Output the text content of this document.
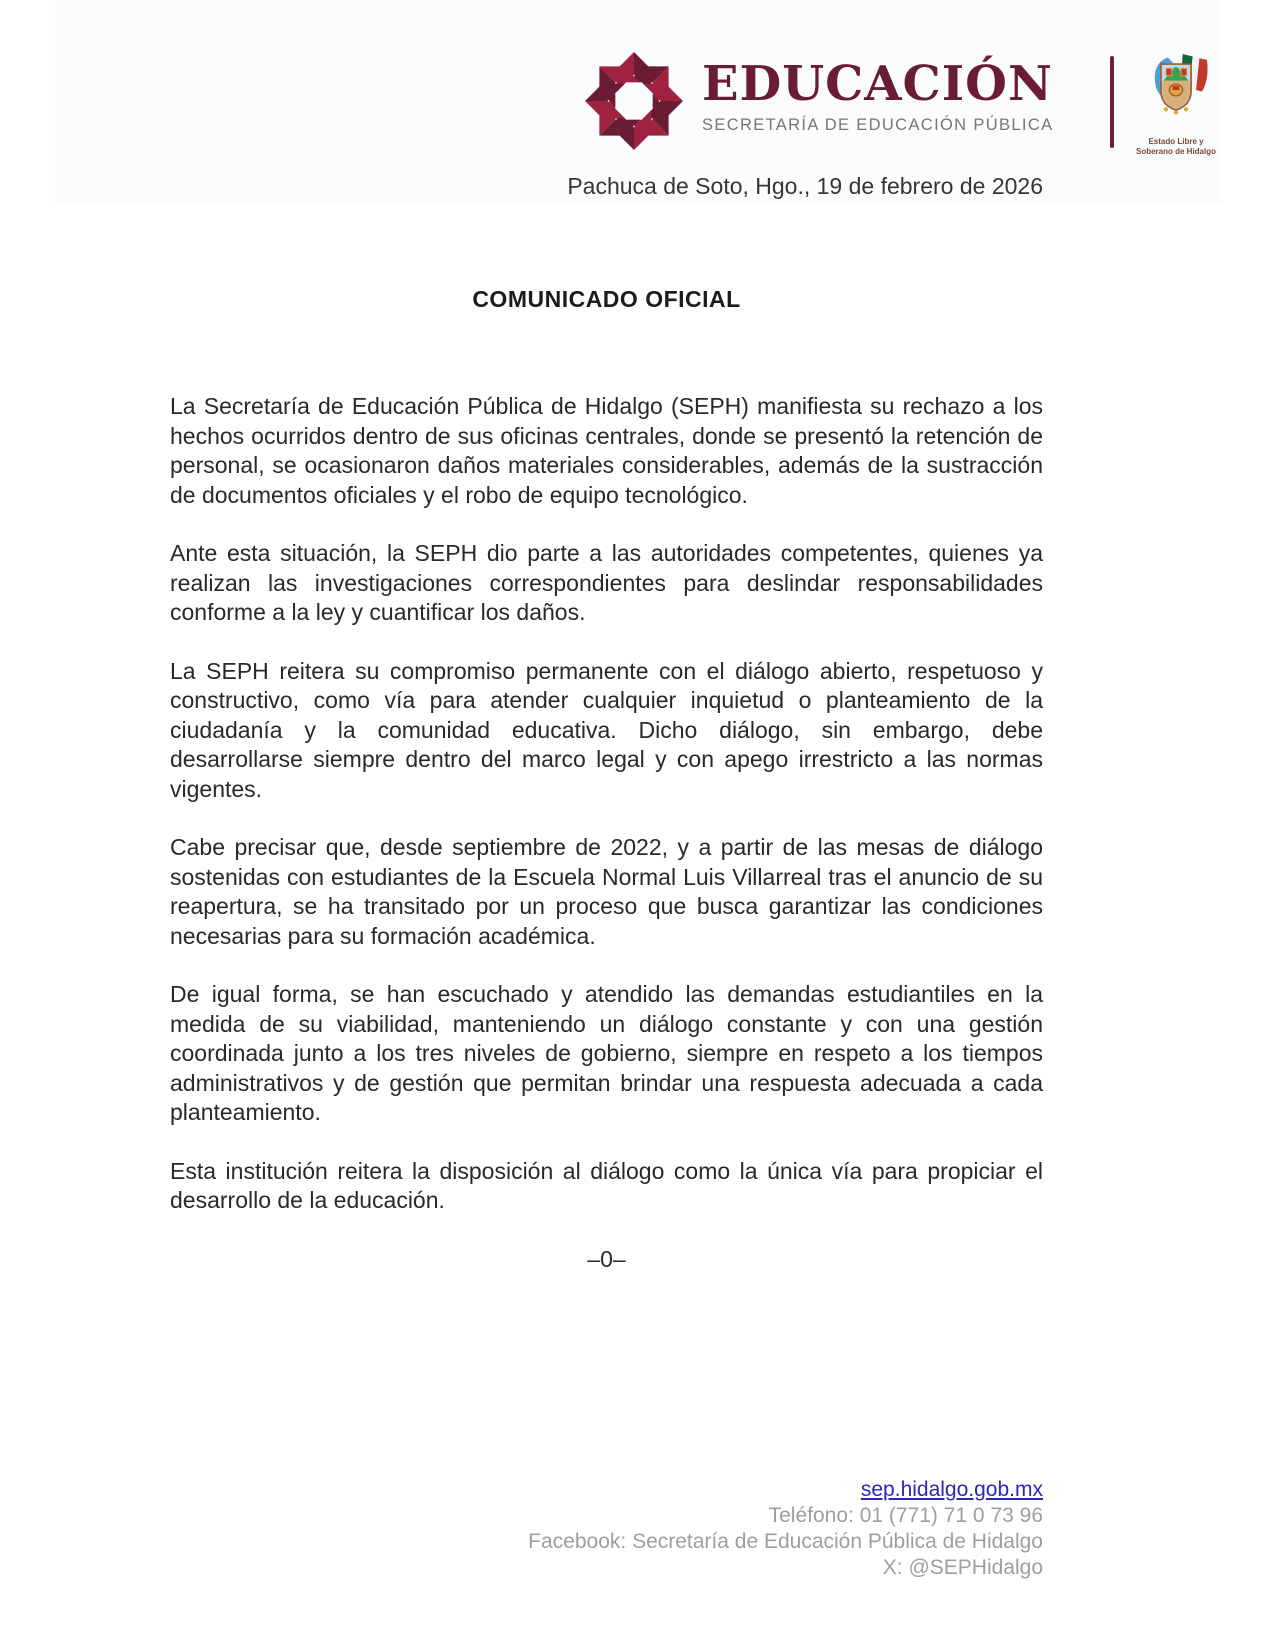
EDUCACIÓN
SECRETARÍA DE EDUCACIÓN PÚBLICA
Estado Libre y Soberano de Hidalgo
Pachuca de Soto, Hgo., 19 de febrero de 2026
COMUNICADO OFICIAL

La Secretaría de Educación Pública de Hidalgo (SEPH) manifiesta su rechazo a los hechos ocurridos dentro de sus oficinas centrales, donde se presentó la retención de personal, se ocasionaron daños materiales considerables, además de la sustracción de documentos oficiales y el robo de equipo tecnológico.

Ante esta situación, la SEPH dio parte a las autoridades competentes, quienes ya realizan las investigaciones correspondientes para deslindar responsabilidades conforme a la ley y cuantificar los daños.

La SEPH reitera su compromiso permanente con el diálogo abierto, respetuoso y constructivo, como vía para atender cualquier inquietud o planteamiento de la ciudadanía y la comunidad educativa. Dicho diálogo, sin embargo, debe desarrollarse siempre dentro del marco legal y con apego irrestricto a las normas vigentes.

Cabe precisar que, desde septiembre de 2022, y a partir de las mesas de diálogo sostenidas con estudiantes de la Escuela Normal Luis Villarreal tras el anuncio de su reapertura, se ha transitado por un proceso que busca garantizar las condiciones necesarias para su formación académica.

De igual forma, se han escuchado y atendido las demandas estudiantiles en la medida de su viabilidad, manteniendo un diálogo constante y con una gestión coordinada junto a los tres niveles de gobierno, siempre en respeto a los tiempos administrativos y de gestión que permitan brindar una respuesta adecuada a cada planteamiento.

Esta institución reitera la disposición al diálogo como la única vía para propiciar el desarrollo de la educación.

–0–
sep.hidalgo.gob.mx
Teléfono: 01 (771) 71 0 73 96
Facebook: Secretaría de Educación Pública de Hidalgo
X: @SEPHidalgo
